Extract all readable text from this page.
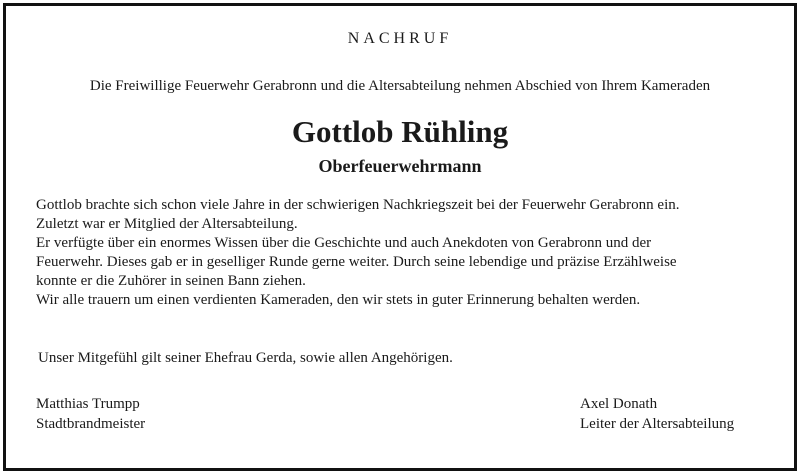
NACHRUF
Die Freiwillige Feuerwehr Gerabronn und die Altersabteilung nehmen Abschied von Ihrem Kameraden
Gottlob Rühling
Oberfeuerwehrmann
Gottlob brachte sich schon viele Jahre in der schwierigen Nachkriegszeit bei der Feuerwehr Gerabronn ein.
Zuletzt war er Mitglied der Altersabteilung.
Er verfügte über ein enormes Wissen über die Geschichte und auch Anekdoten von Gerabronn und der
Feuerwehr. Dieses gab er in geselliger Runde gerne weiter. Durch seine lebendige und präzise Erzählweise
konnte er die Zuhörer in seinen Bann ziehen.
Wir alle trauern um einen verdienten Kameraden, den wir stets in guter Erinnerung behalten werden.
Unser Mitgefühl gilt seiner Ehefrau Gerda, sowie allen Angehörigen.
Matthias Trumpp
Stadtbrandmeister
Axel Donath
Leiter der Altersabteilung
